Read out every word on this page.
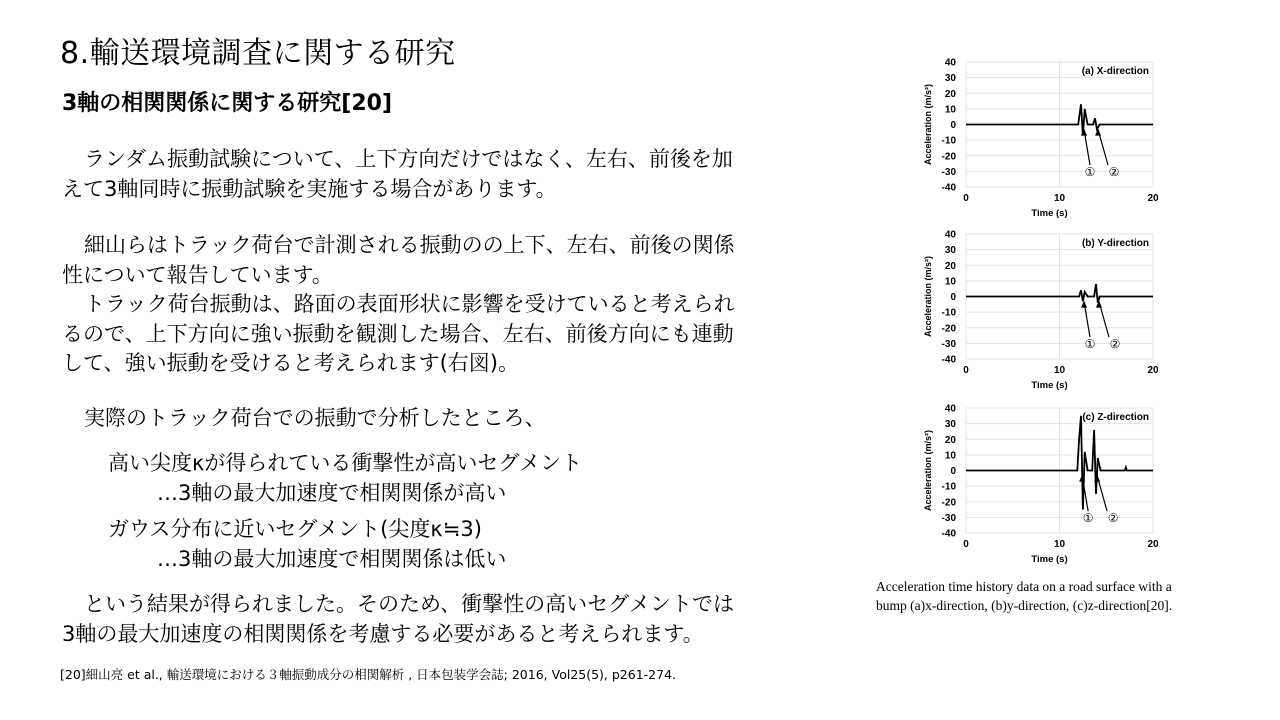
8.輸送環境調査に関する研究
3軸の相関関係に関する研究[20]

ランダム振動試験について、上下方向だけではなく、左右、前後を加

えて3軸同時に振動試験を実施する場合があります。

細山らはトラック荷台で計測される振動のの上下、左右、前後の関係

性について報告しています。

トラック荷台振動は、路面の表面形状に影響を受けていると考えられ

るので、上下方向に強い振動を観測した場合、左右、前後方向にも連動

して、強い振動を受けると考えられます(右図)。

実際のトラック荷台での振動で分析したところ、

高い尖度κが得られている衝撃性が高いセグメント

…3軸の最大加速度で相関関係が高い

ガウス分布に近いセグメント(尖度κ≒3)

…3軸の最大加速度で相関関係は低い

という結果が得られました。そのため、衝撃性の高いセグメントでは

3軸の最大加速度の相関関係を考慮する必要があると考えられます。

[20]細山亮 et al., 輸送環境における３軸振動成分の相関解析 , 日本包装学会誌; 2016, Vol25(5), p261-274.
40
30
20
10
0
-10
-20
-30
-40
0	10	20
Time (s)
Acceleration (m/s²)
(a) X-direction
① ②
40
30
20
10
0
-10
-20
-30
-40
0	10	20
Time (s)
Acceleration (m/s²)
(b) Y-direction
① ②
40
30
20
10
0
-10
-20
-30
-40
0	10	20
Time (s)
Acceleration (m/s²)
(c) Z-direction
① ②
Acceleration time history data on a road surface with a
bump (a)x-direction, (b)y-direction, (c)z-direction[20].
